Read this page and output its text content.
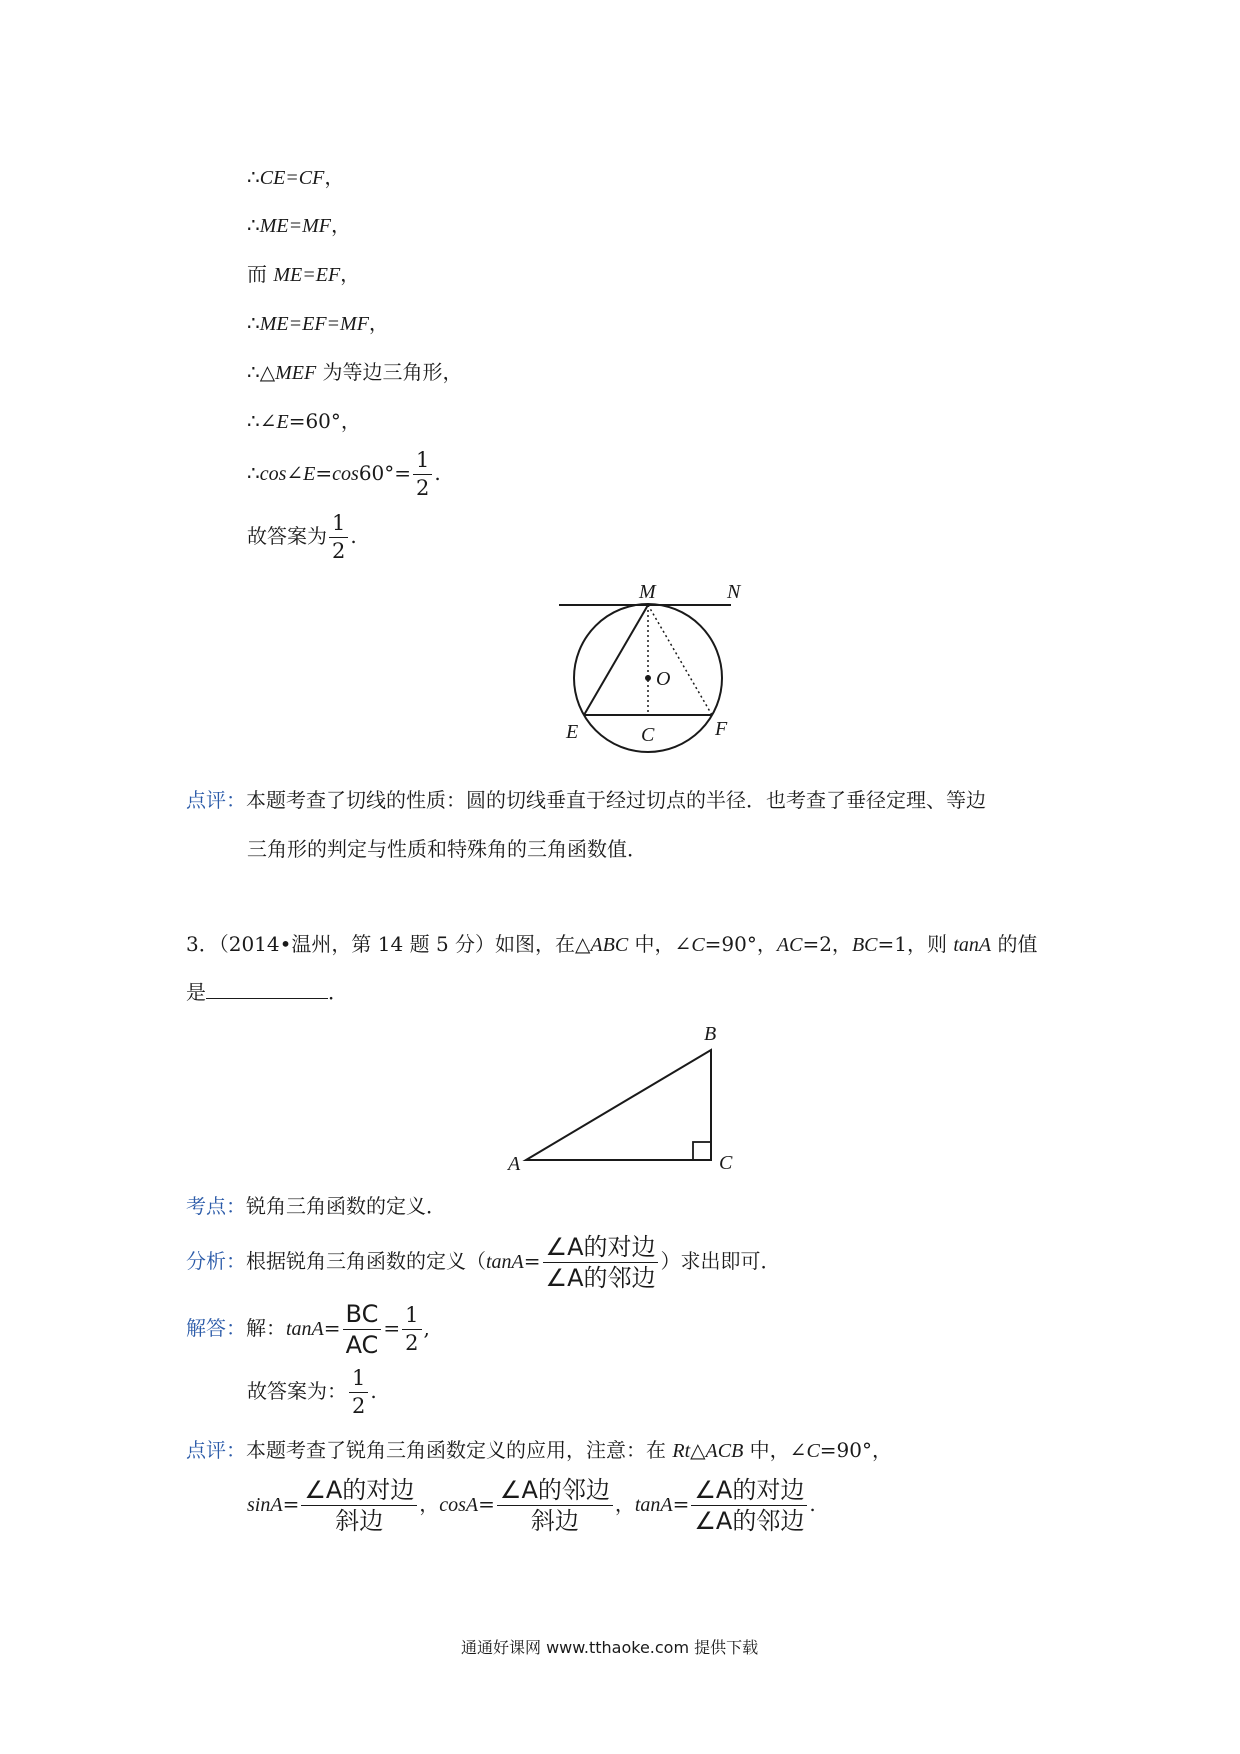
∴CE=CF，
∴ME=MF，
而 ME=EF，
∴ME=EF=MF，
∴△MEF 为等边三角形，
∴∠E=60°，
∴cos∠E=cos60°= $\frac{1}{2}$ .
故答案为 $\frac{1}{2}$ .
M	N
O
E	C	F
点评：本题考查了切线的性质：圆的切线垂直于经过切点的半径．也考查了垂径定理、等边
三角形的判定与性质和特殊角的三角函数值．
3．（2014•温州，第 14 题 5 分）如图，在△ABC 中，∠C=90°，AC=2，BC=1，则 tanA 的值
是	．
A
B
C
考点：锐角三角函数的定义．
分析：根据锐角三角函数的定义（$\tan A= \frac{\text{∠A的对边}}{\text{∠A的邻边}}$ ）求出即可．
解答：解：$\tan A= \frac{BC}{AC} = \frac{1}{2}$ ,
故答案为： $\frac{1}{2}$ .
点评：本题考查了锐角三角函数定义的应用，注意：在 Rt△ACB 中，∠C=90°，
$\sin A= \frac{\text{∠A的对边}}{\text{斜边}}$ ，$\cos A= \frac{\text{∠A的邻边}}{\text{斜边}}$ ，$\tan A= \frac{\text{∠A的对边}}{\text{∠A的邻边}}$ .
通通好课网 www.tthaoke.com 提供下载
